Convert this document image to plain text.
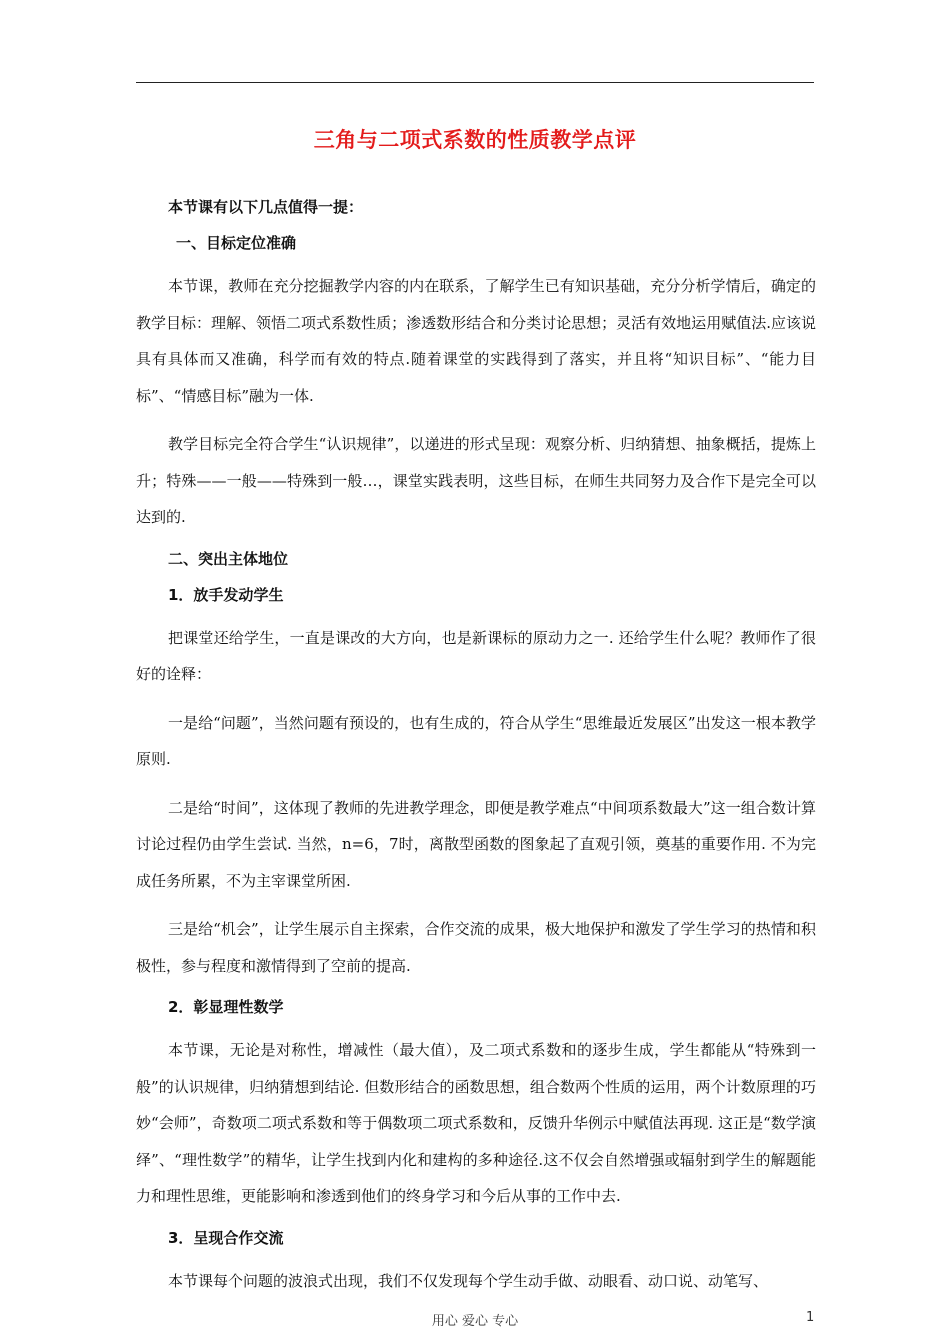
三角与二项式系数的性质教学点评
本节课有以下几点值得一提：
一、目标定位准确

本节课，教师在充分挖掘教学内容的内在联系，了解学生已有知识基础，充分分析学情后，确定的教学目标：理解、领悟二项式系数性质；渗透数形结合和分类讨论思想；灵活有效地运用赋值法.应该说具有具体而又准确，科学而有效的特点.随着课堂的实践得到了落实，并且将“知识目标”、“能力目标”、“情感目标”融为一体.

教学目标完全符合学生“认识规律”，以递进的形式呈现：观察分析、归纳猜想、抽象概括，提炼上升；特殊——一般——特殊到一般…，课堂实践表明，这些目标，在师生共同努力及合作下是完全可以达到的.

二、突出主体地位
1．放手发动学生

把课堂还给学生，一直是课改的大方向，也是新课标的原动力之一. 还给学生什么呢？教师作了很好的诠释：

一是给“问题”，当然问题有预设的，也有生成的，符合从学生“思维最近发展区”出发这一根本教学原则.

二是给“时间”，这体现了教师的先进教学理念，即便是教学难点“中间项系数最大”这一组合数计算讨论过程仍由学生尝试. 当然，n=6，7时，离散型函数的图象起了直观引领，奠基的重要作用. 不为完成任务所累，不为主宰课堂所困.

三是给“机会”，让学生展示自主探索，合作交流的成果，极大地保护和激发了学生学习的热情和积极性，参与程度和激情得到了空前的提高.

2．彰显理性数学

本节课，无论是对称性，增减性（最大值），及二项式系数和的逐步生成，学生都能从“特殊到一般”的认识规律，归纳猜想到结论. 但数形结合的函数思想，组合数两个性质的运用，两个计数原理的巧妙“会师”，奇数项二项式系数和等于偶数项二项式系数和，反馈升华例示中赋值法再现. 这正是“数学演绎”、“理性数学”的精华，让学生找到内化和建构的多种途径.这不仅会自然增强或辐射到学生的解题能力和理性思维，更能影响和渗透到他们的终身学习和今后从事的工作中去.

3．呈现合作交流

本节课每个问题的波浪式出现，我们不仅发现每个学生动手做、动眼看、动口说、动笔写、

用心 爱心 专心	1
